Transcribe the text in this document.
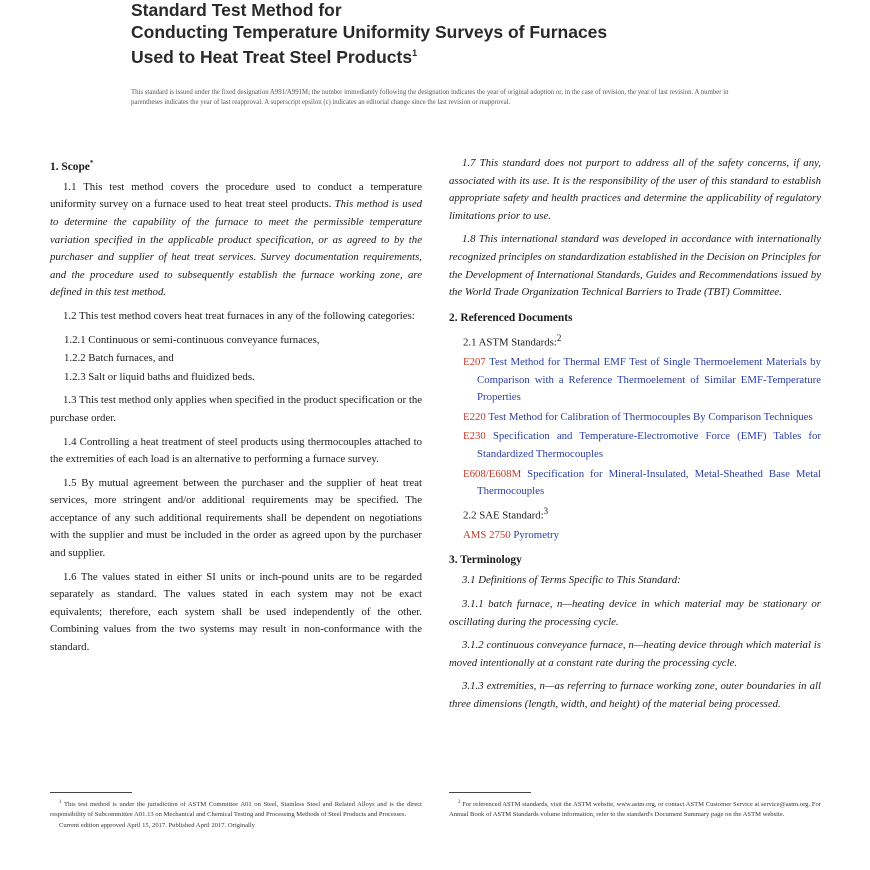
Standard Test Method for
Conducting Temperature Uniformity Surveys of Furnaces
Used to Heat Treat Steel Products$^1$
This standard is issued under the fixed designation A991/A991M; the number immediately following the designation indicates the year of original adoption or, in the case of revision, the year of last revision. A number in parentheses indicates the year of last reapproval. A superscript epsilon (ε) indicates an editorial change since the last revision or reapproval.
1. Scope*

1.1 This test method covers the procedure used to conduct a temperature uniformity survey on a furnace used to heat treat steel products. This method is used to determine the capability of the furnace to meet the permissible temperature variation specified in the applicable product specification, or as agreed to by the purchaser and supplier of heat treat services. Survey documentation requirements, and the procedure used to subsequently establish the furnace working zone, are defined in this test method.

1.2 This test method covers heat treat furnaces in any of the following categories:

1.2.1 Continuous or semi-continuous conveyance furnaces,

1.2.2 Batch furnaces, and

1.2.3 Salt or liquid baths and fluidized beds.

1.3 This test method only applies when specified in the product specification or the purchase order.

1.4 Controlling a heat treatment of steel products using thermocouples attached to the extremities of each load is an alternative to performing a furnace survey.

1.5 By mutual agreement between the purchaser and the supplier of heat treat services, more stringent and/or additional requirements may be specified. The acceptance of any such additional requirements shall be dependent on negotiations with the supplier and must be included in the order as agreed upon by the purchaser and supplier.

1.6 The values stated in either SI units or inch-pound units are to be regarded separately as standard. The values stated in each system may not be exact equivalents; therefore, each system shall be used independently of the other. Combining values from the two systems may result in non-conformance with the standard.

1.7 This standard does not purport to address all of the safety concerns, if any, associated with its use. It is the responsibility of the user of this standard to establish appropriate safety and health practices and determine the applicability of regulatory limitations prior to use.

1.8 This international standard was developed in accordance with internationally recognized principles on standardization established in the Decision on Principles for the Development of International Standards, Guides and Recommendations issued by the World Trade Organization Technical Barriers to Trade (TBT) Committee.

2. Referenced Documents

2.1 ASTM Standards:$^2$

E207 Test Method for Thermal EMF Test of Single Thermoelement Materials by Comparison with a Reference Thermoelement of Similar EMF-Temperature Properties

E220 Test Method for Calibration of Thermocouples By Comparison Techniques

E230 Specification and Temperature-Electromotive Force (EMF) Tables for Standardized Thermocouples

E608/E608M Specification for Mineral-Insulated, Metal-Sheathed Base Metal Thermocouples

2.2 SAE Standard:$^3$

AMS 2750 Pyrometry

3. Terminology

3.1 Definitions of Terms Specific to This Standard:

3.1.1 batch furnace, n—heating device in which material may be stationary or oscillating during the processing cycle.

3.1.2 continuous conveyance furnace, n—heating device through which material is moved intentionally at a constant rate during the processing cycle.

3.1.3 extremities, n—as referring to furnace working zone, outer boundaries in all three dimensions (length, width, and height) of the material being processed.

$^1$ This test method is under the jurisdiction of ASTM Committee A01 on Steel, Stainless Steel and Related Alloys and is the direct responsibility of Subcommittee A01.13 on Mechanical and Chemical Testing and Processing Methods of Steel Products and Processes.

Current edition approved April 15, 2017. Published April 2017. Originally

$^2$ For referenced ASTM standards, visit the ASTM website, www.astm.org, or contact ASTM Customer Service at service@astm.org. For Annual Book of ASTM Standards volume information, refer to the standard's Document Summary page on the ASTM website.
